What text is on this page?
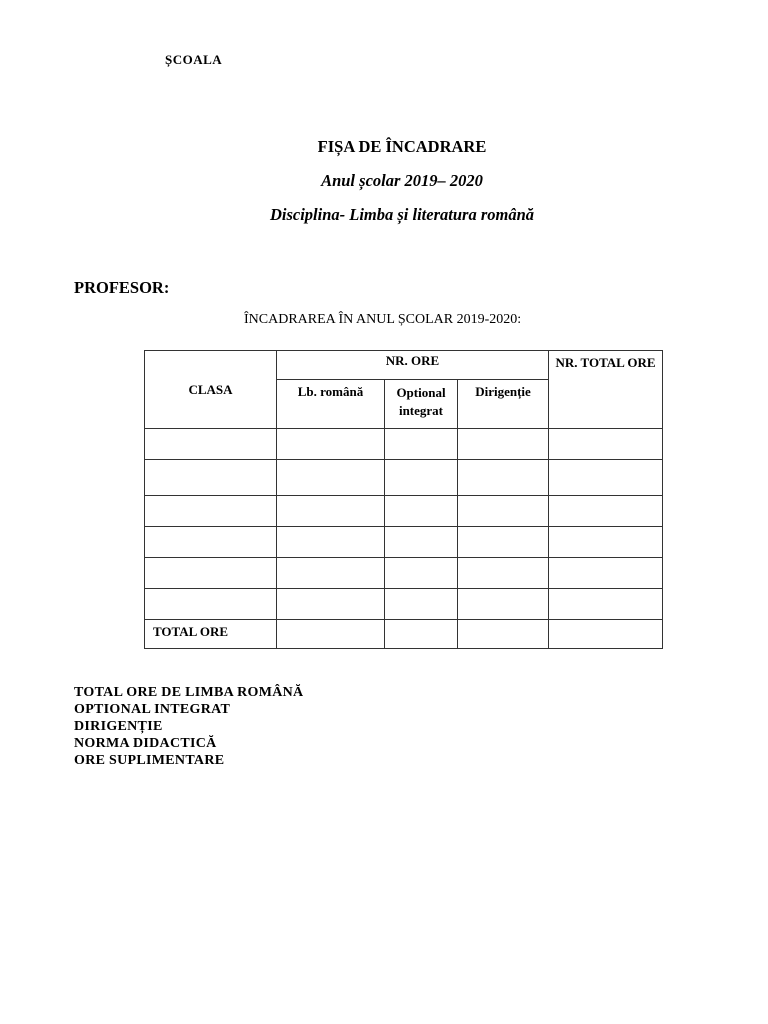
ȘCOALA
FIȘA DE ÎNCADRARE
Anul școlar 2019– 2020
Disciplina- Limba și literatura română
PROFESOR:
ÎNCADRAREA ÎN ANUL ȘCOLAR 2019-2020:
CLASA	NR. ORE			NR. TOTAL ORE
	Lb. română	Optional integrat	Dirigenție	

TOTAL ORE				
TOTAL ORE DE LIMBA ROMÂNĂ
OPTIONAL INTEGRAT
DIRIGENȚIE
NORMA DIDACTICĂ
ORE SUPLIMENTARE
